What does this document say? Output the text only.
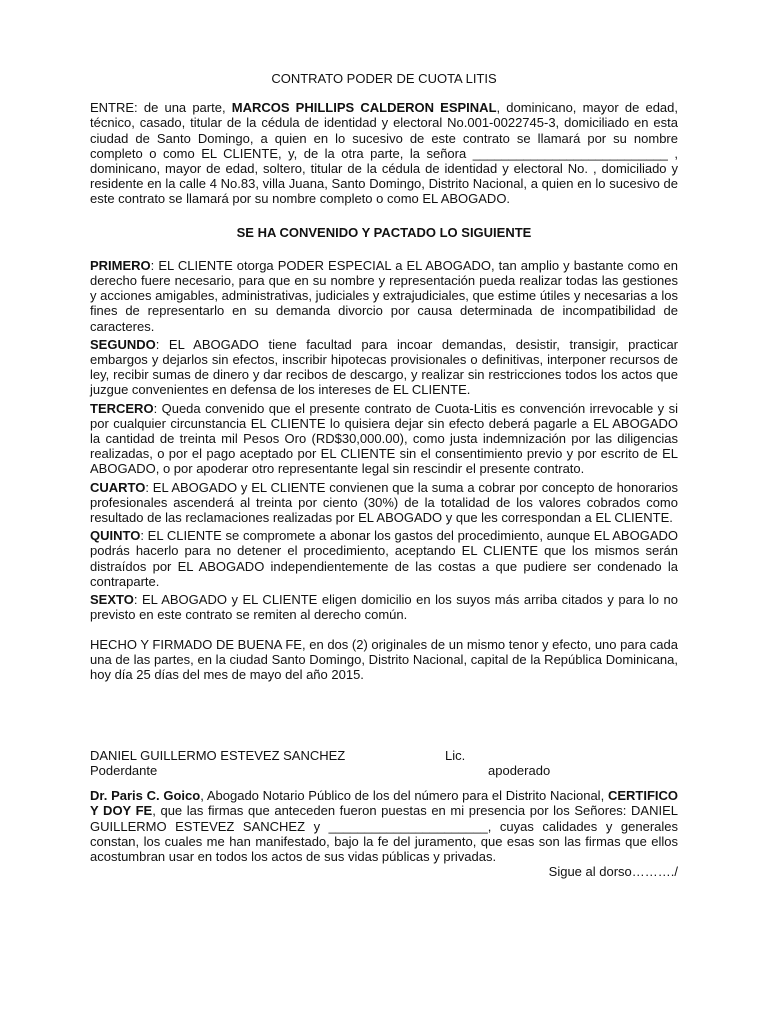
CONTRATO PODER DE CUOTA LITIS

ENTRE: de una parte, MARCOS PHILLIPS CALDERON ESPINAL, dominicano, mayor de edad, técnico, casado, titular de la cédula de identidad y electoral No.001-0022745-3, domiciliado en esta ciudad de Santo Domingo, a quien en lo sucesivo de este contrato se llamará por su nombre completo o como EL CLIENTE, y, de la otra parte, la señora ___________________________ , dominicano, mayor de edad, soltero, titular de la cédula de identidad y electoral No. , domiciliado y residente en la calle 4 No.83, villa Juana, Santo Domingo, Distrito Nacional, a quien en lo sucesivo de este contrato se llamará por su nombre completo o como EL ABOGADO.

SE HA CONVENIDO Y PACTADO LO SIGUIENTE

PRIMERO: EL CLIENTE otorga PODER ESPECIAL a EL ABOGADO, tan amplio y bastante como en derecho fuere necesario, para que en su nombre y representación pueda realizar todas las gestiones y acciones amigables, administrativas, judiciales y extrajudiciales, que estime útiles y necesarias a los fines de representarlo en su demanda divorcio por causa determinada de incompatibilidad de caracteres.

SEGUNDO: EL ABOGADO tiene facultad para incoar demandas, desistir, transigir, practicar embargos y dejarlos sin efectos, inscribir hipotecas provisionales o definitivas, interponer recursos de ley, recibir sumas de dinero y dar recibos de descargo, y realizar sin restricciones todos los actos que juzgue convenientes en defensa de los intereses de EL CLIENTE.

TERCERO: Queda convenido que el presente contrato de Cuota-Litis es convención irrevocable y si por cualquier circunstancia EL CLIENTE lo quisiera dejar sin efecto deberá pagarle a EL ABOGADO la cantidad de treinta mil Pesos Oro (RD$30,000.00), como justa indemnización por las diligencias realizadas, o por el pago aceptado por EL CLIENTE sin el consentimiento previo y por escrito de EL ABOGADO, o por apoderar otro representante legal sin rescindir el presente contrato.

CUARTO: EL ABOGADO y EL CLIENTE convienen que la suma a cobrar por concepto de honorarios profesionales ascenderá al treinta por ciento (30%) de la totalidad de los valores cobrados como resultado de las reclamaciones realizadas por EL ABOGADO y que les correspondan a EL CLIENTE.

QUINTO: EL CLIENTE se compromete a abonar los gastos del procedimiento, aunque EL ABOGADO podrás hacerlo para no detener el procedimiento, aceptando EL CLIENTE que los mismos serán distraídos por EL ABOGADO independientemente de las costas a que pudiere ser condenado la contraparte.

SEXTO: EL ABOGADO y EL CLIENTE eligen domicilio en los suyos más arriba citados y para lo no previsto en este contrato se remiten al derecho común.

HECHO Y FIRMADO DE BUENA FE, en dos (2) originales de un mismo tenor y efecto, uno para cada una de las partes, en la ciudad Santo Domingo, Distrito Nacional, capital de la República Dominicana, hoy día 25 días del mes de mayo del año 2015.

DANIEL GUILLERMO ESTEVEZ SANCHEZ
Poderdante
Lic.
apoderado

Dr. Paris C. Goico, Abogado Notario Público de los del número para el Distrito Nacional, CERTIFICO Y DOY FE, que las firmas que anteceden fueron puestas en mi presencia por los Señores: DANIEL GUILLERMO ESTEVEZ SANCHEZ y ______________________, cuyas calidades y generales constan, los cuales me han manifestado, bajo la fe del juramento, que esas son las firmas que ellos acostumbran usar en todos los actos de sus vidas públicas y privadas.

Sigue al dorso………./
